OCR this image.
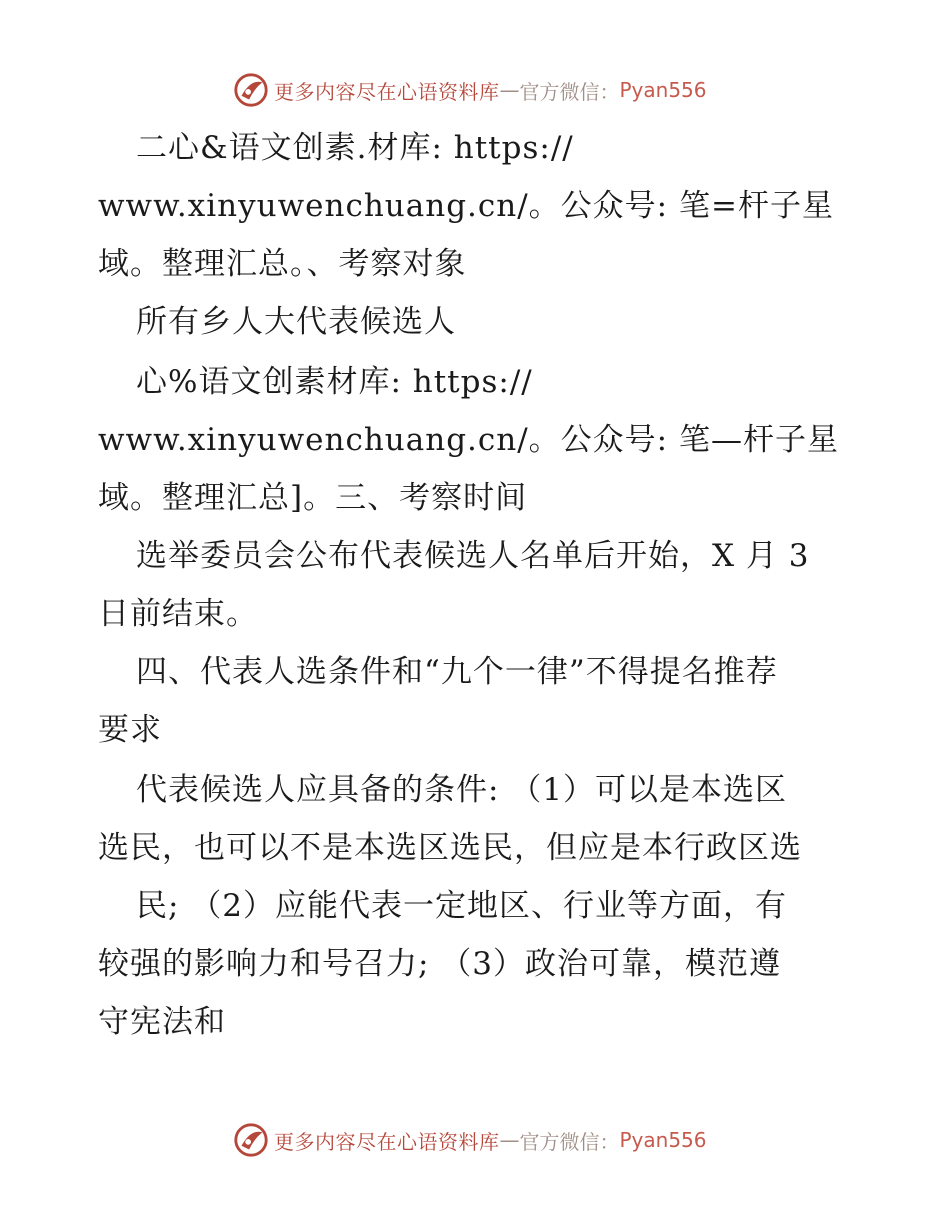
更多内容尽在心语资料库 — 官方微信： Pyan556
二心&语文创素.材库: https://
www.xinyuwenchuang.cn/。公众号: 笔=杆子星
域。整理汇总。、考察对象
所有乡人大代表候选人
心%语文创素材库: https://
www.xinyuwenchuang.cn/。公众号: 笔—杆子星
域。整理汇总]。三、考察时间
选举委员会公布代表候选人名单后开始，X 月 3
日前结束。
四、代表人选条件和“九个一律”不得提名推荐
要求
代表候选人应具备的条件: （1）可以是本选区
选民，也可以不是本选区选民，但应是本行政区选
民; （2）应能代表一定地区、行业等方面，有
较强的影响力和号召力; （3）政治可靠，模范遵
守宪法和
更多内容尽在心语资料库 — 官方微信： Pyan556
